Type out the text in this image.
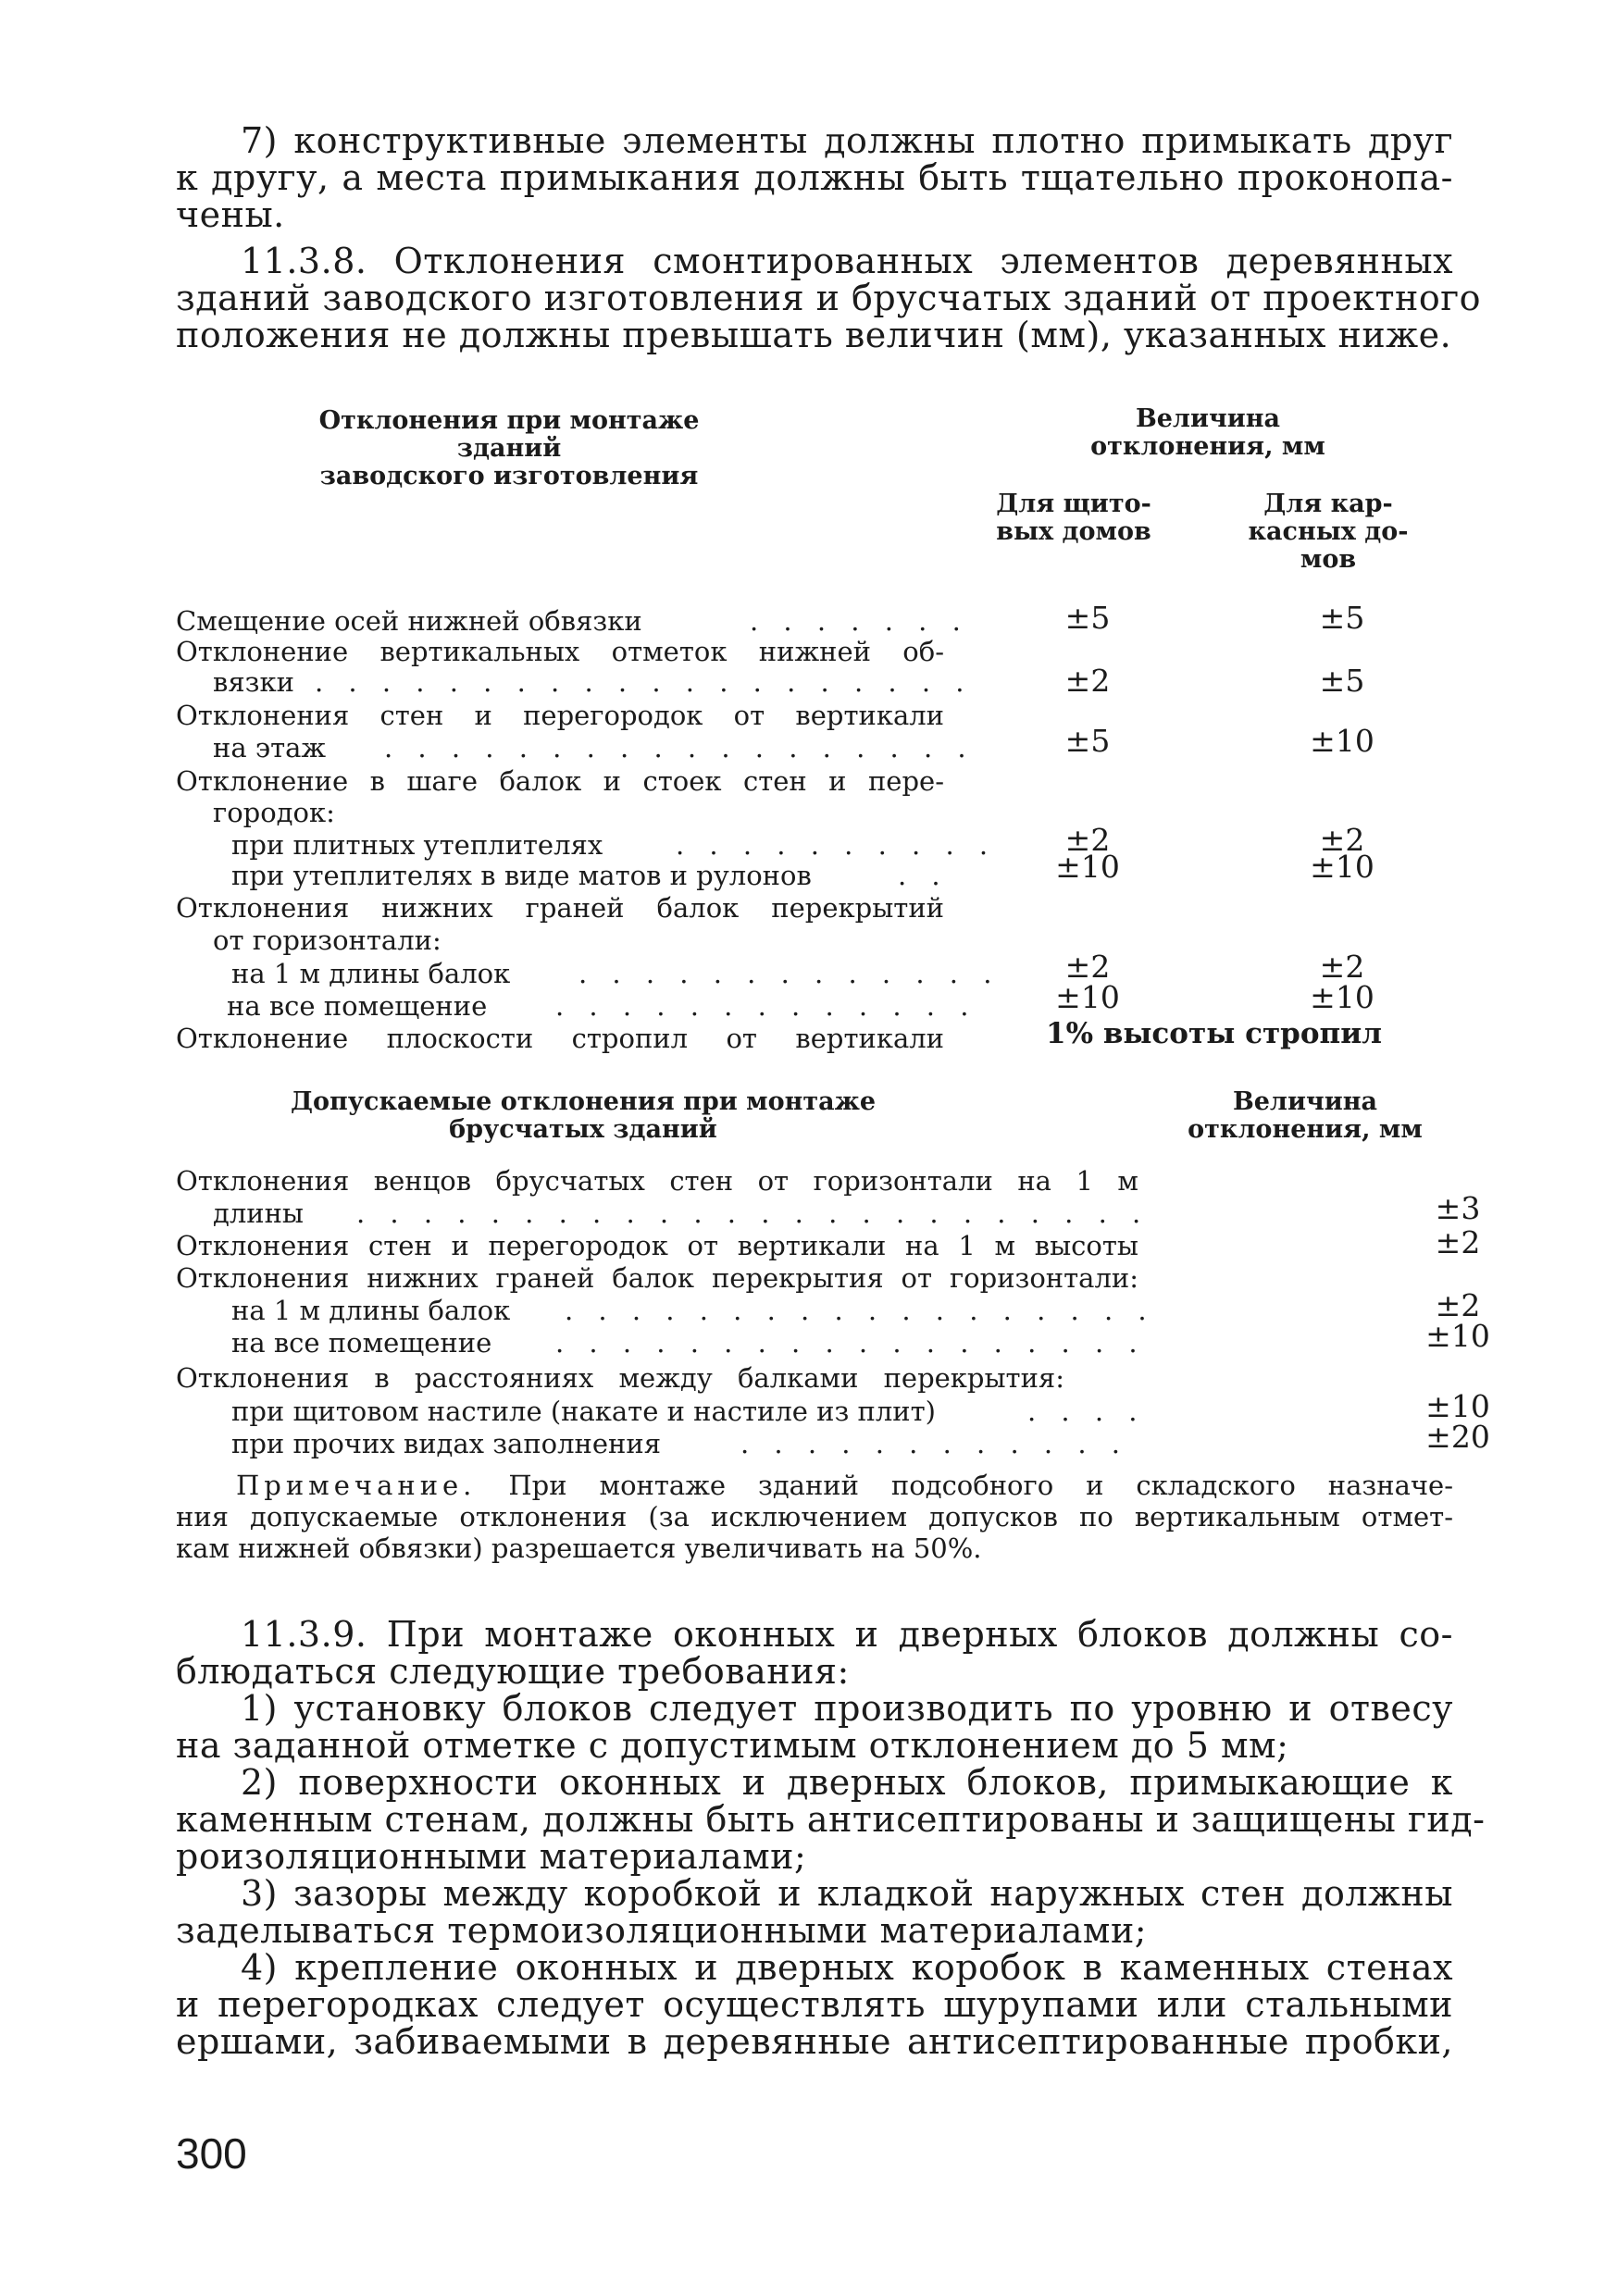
7) конструктивные элементы должны плотно примыкать друг
к другу, а места примыкания должны быть тщательно проконопа-
чены.
11.3.8. Отклонения смонтированных элементов деревянных
зданий заводского изготовления и брусчатых зданий от проектного
положения не должны превышать величин (мм), указанных ниже.
Отклонения при монтаже зданий
заводского изготовления
Величина
отклонения, мм
Для щито-
вых домов
Для кар-
касных до-
мов
Смещение осей нижней обвязки	. . . . . . .	±5	±5
Отклонение вертикальных отметок нижней об-
вязки . . . . . . . . . . . . . . . . . . . .	±2	±5
Отклонения стен и перегородок от вертикали
на этаж . . . . . . . . . . . . . . . . . .	±5	±10
Отклонение в шаге балок и стоек стен и пере-
городок:
при плитных утеплителях	. . . . . . . . . .	±2	±2
при утеплителях в виде матов и рулонов	. .	±10	±10
Отклонения нижних граней балок перекрытий
от горизонтали:
на 1 м длины балок	. . . . . . . . . . . . .	±2	±2
на все помещение	. . . . . . . . . . . . .	±10	±10
Отклонение плоскости стропил от вертикали	1% высоты стропил
Допускаемые отклонения при монтаже
брусчатых зданий
Величина
отклонения, мм
Отклонения венцов брусчатых стен от горизонтали на 1 м
длины . . . . . . . . . . . . . . . . . . . . . . . .	±3
Отклонения стен и перегородок от вертикали на 1 м высоты	±2
Отклонения нижних граней балок перекрытия от горизонтали:
на 1 м длины балок . . . . . . . . . . . . . . . . . .	±2
на все помещение . . . . . . . . . . . . . . . . . .	±10
Отклонения в расстояниях между балками перекрытия:
при щитовом настиле (накате и настиле из плит)	. . . .	±10
при прочих видах заполнения	. . . . . . . . . . . .	±20
Примечание. При монтаже зданий подсобного и складского назначе-
ния допускаемые отклонения (за исключением допусков по вертикальным отмет-
кам нижней обвязки) разрешается увеличивать на 50%.
11.3.9. При монтаже оконных и дверных блоков должны со-
блюдаться следующие требования:
1) установку блоков следует производить по уровню и отвесу
на заданной отметке с допустимым отклонением до 5 мм;
2) поверхности оконных и дверных блоков, примыкающие к
каменным стенам, должны быть антисептированы и защищены гид-
роизоляционными материалами;
3) зазоры между коробкой и кладкой наружных стен должны
заделываться термоизоляционными материалами;
4) крепление оконных и дверных коробок в каменных стенах
и перегородках следует осуществлять шурупами или стальными
ершами, забиваемыми в деревянные антисептированные пробки,
300
